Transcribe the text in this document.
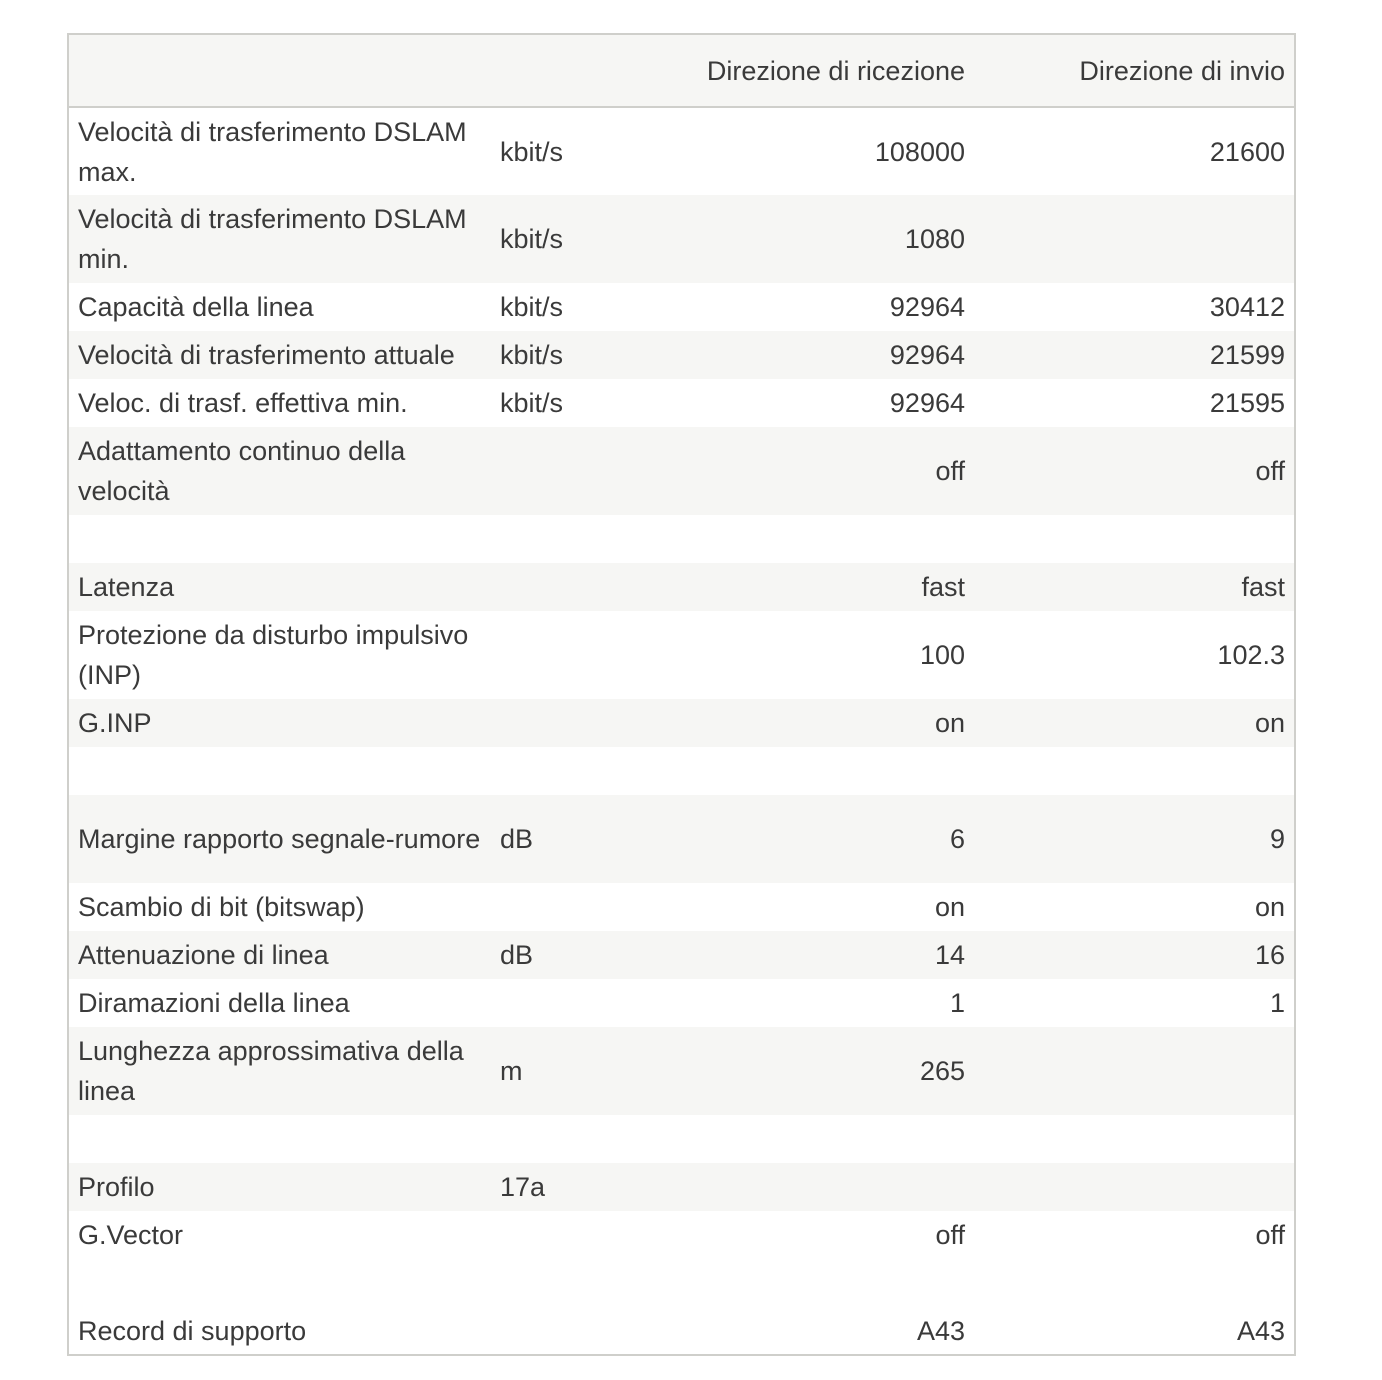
		Direzione di ricezione	Direzione di invio
Velocità di trasferimento DSLAM max.	kbit/s	108000	21600
Velocità di trasferimento DSLAM min.	kbit/s	1080	
Capacità della linea	kbit/s	92964	30412
Velocità di trasferimento attuale	kbit/s	92964	21599
Veloc. di trasf. effettiva min.	kbit/s	92964	21595
Adattamento continuo della velocità		off	off

Latenza		fast	fast
Protezione da disturbo impulsivo (INP)		100	102.3
G.INP		on	on

Margine rapporto segnale-rumore	dB	6	9
Scambio di bit (bitswap)		on	on
Attenuazione di linea	dB	14	16
Diramazioni della linea		1	1
Lunghezza approssimativa della linea	m	265	

Profilo	17a		
G.Vector		off	off

Record di supporto		A43	A43
